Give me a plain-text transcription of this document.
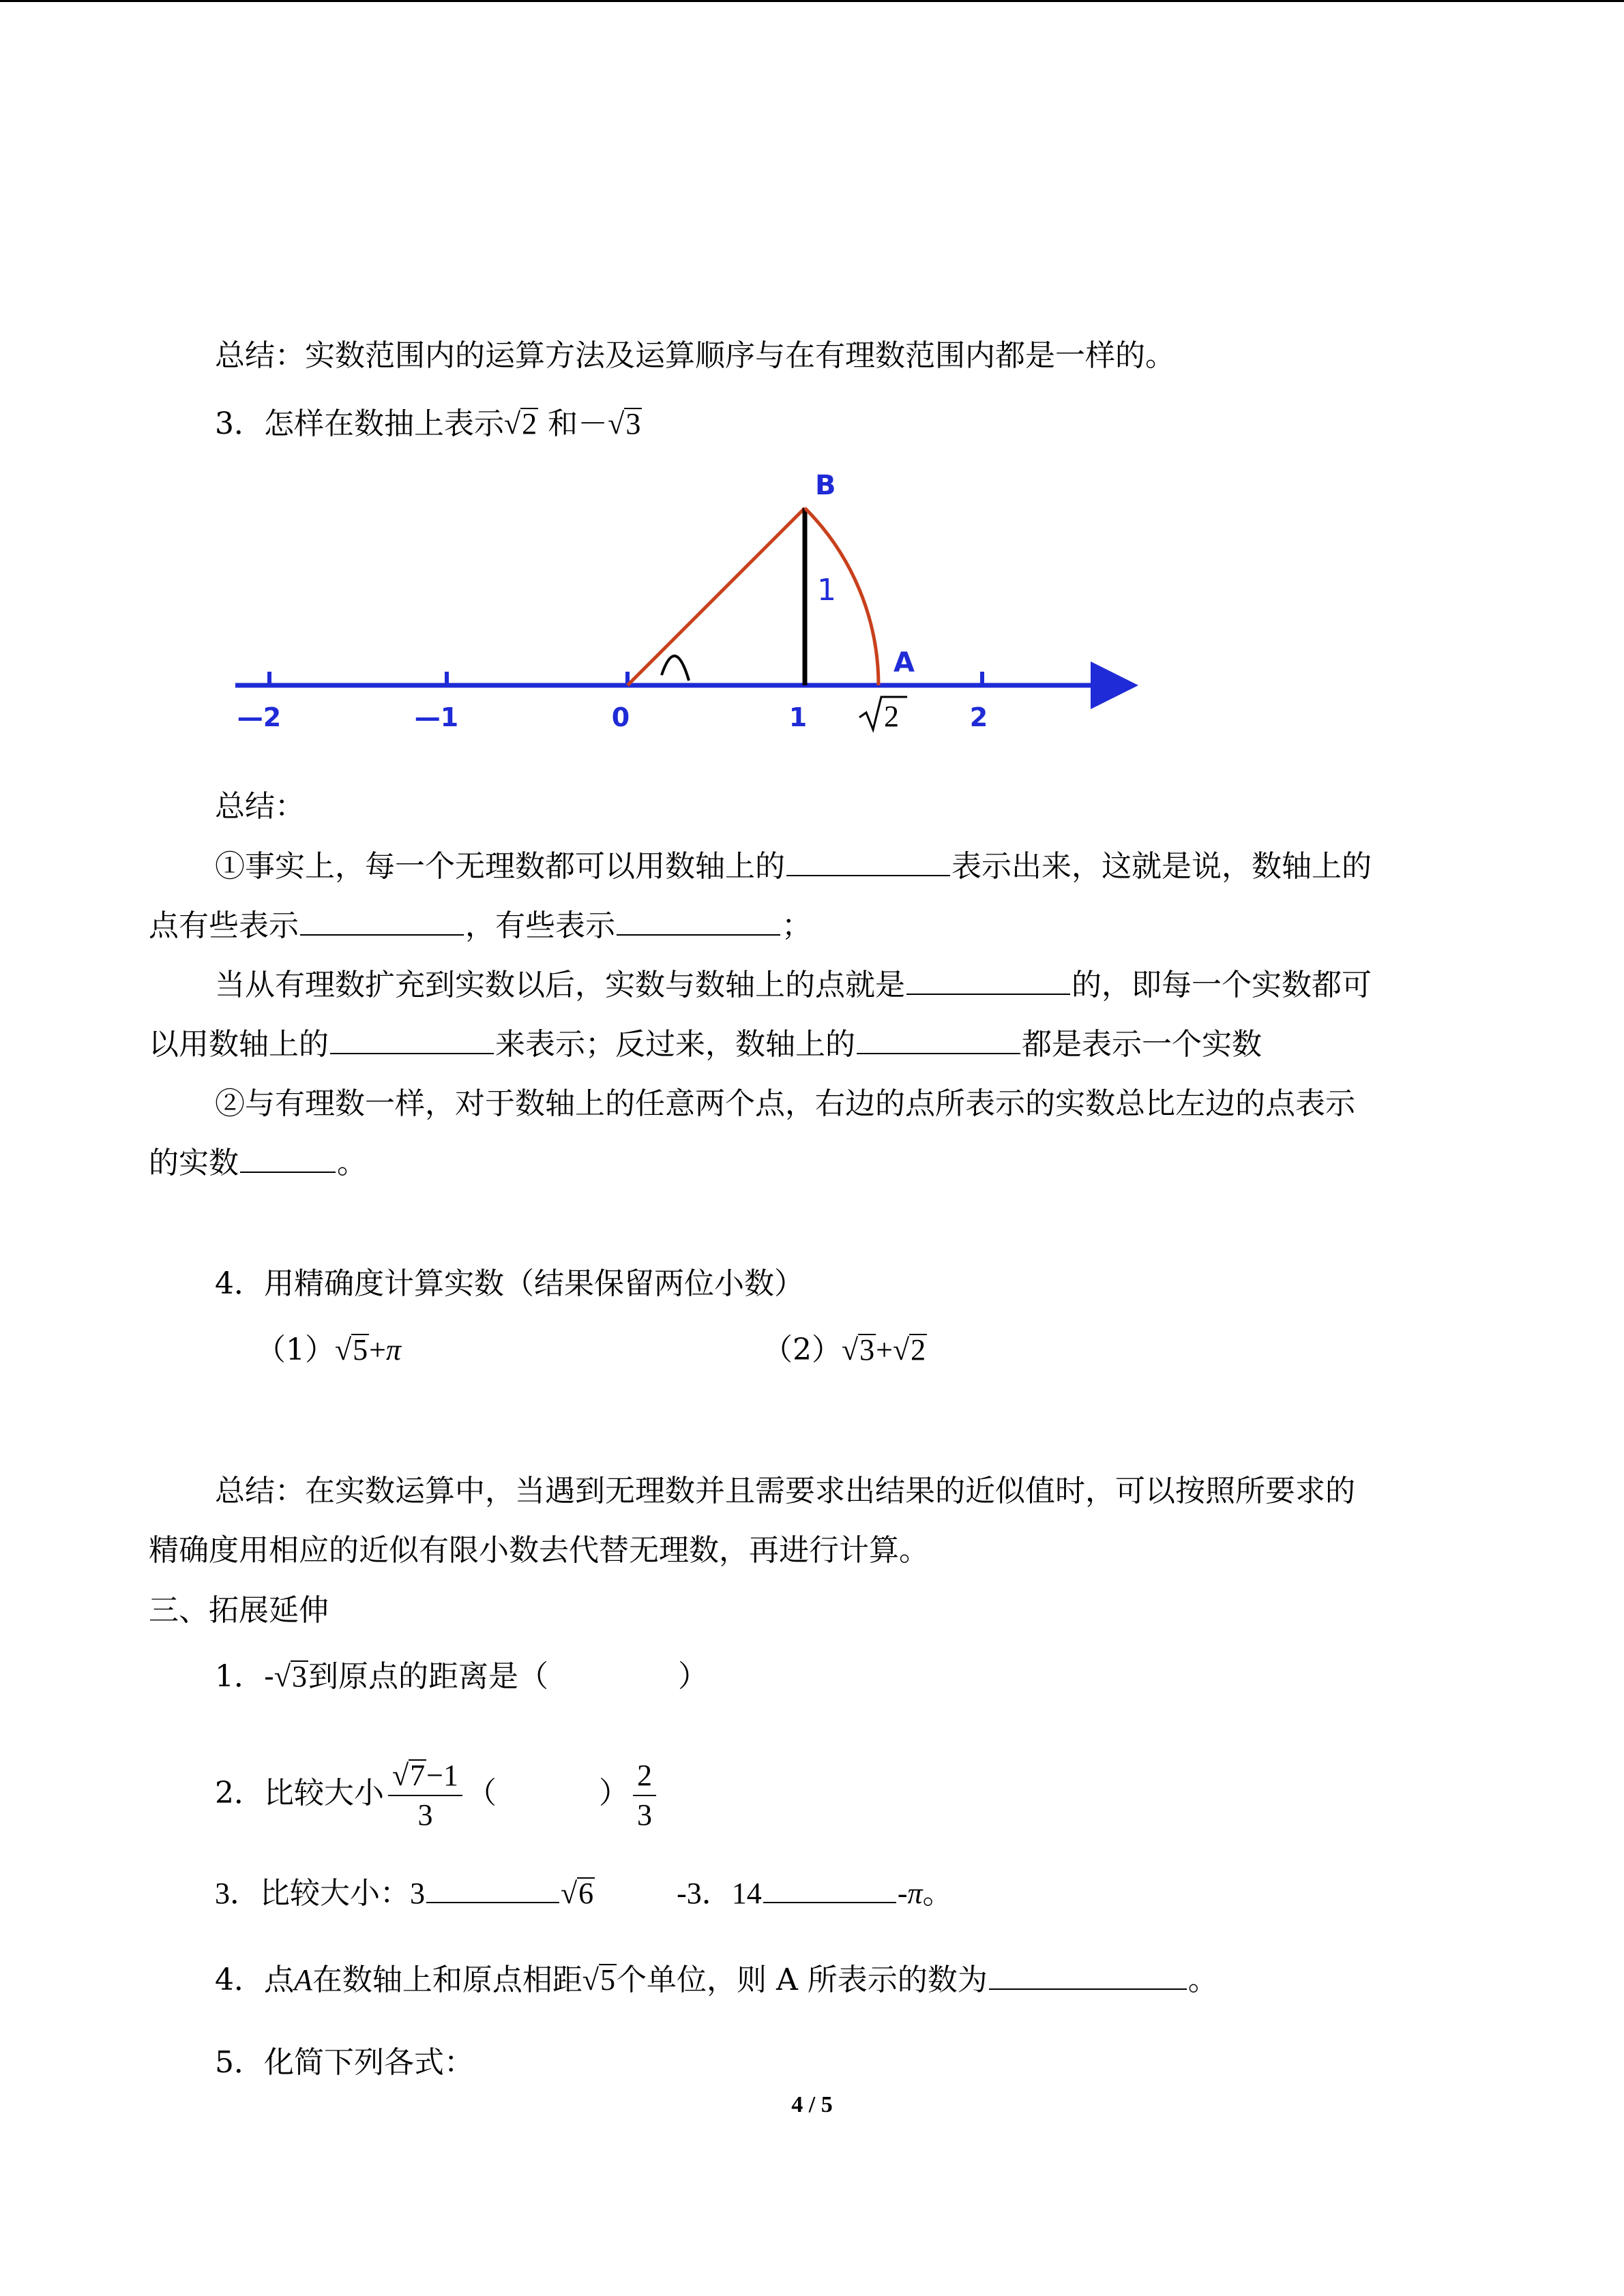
总结：实数范围内的运算方法及运算顺序与在有理数范围内都是一样的。
3．怎样在数抽上表示√2 和－√3
B
1
A
—2	—1	0	1	2
2
总结：
①事实上，每一个无理数都可以用数轴上的	表示出来，这就是说，数轴上的
点有些表示	，有些表示	；
当从有理数扩充到实数以后，实数与数轴上的点就是	的，即每一个实数都可
以用数轴上的	来表示；反过来，数轴上的	都是表示一个实数
②与有理数一样，对于数轴上的任意两个点，右边的点所表示的实数总比左边的点表示
的实数	。
4．用精确度计算实数（结果保留两位小数）
（1）√5+π	（2）√3+√2
总结：在实数运算中，当遇到无理数并且需要求出结果的近似值时，可以按照所要求的
精确度用相应的近似有限小数去代替无理数，再进行计算。
三、拓展延伸
1．-√3到原点的距离是（	）
2．比较大小 $\frac{√7-1}{3}$ （	） $\frac{2}{3}$
3．比较大小：3	√6	-3．14	-π。
4．点A在数轴上和原点相距√5个单位，则 A 所表示的数为	。
5．化简下列各式：
4 / 5
